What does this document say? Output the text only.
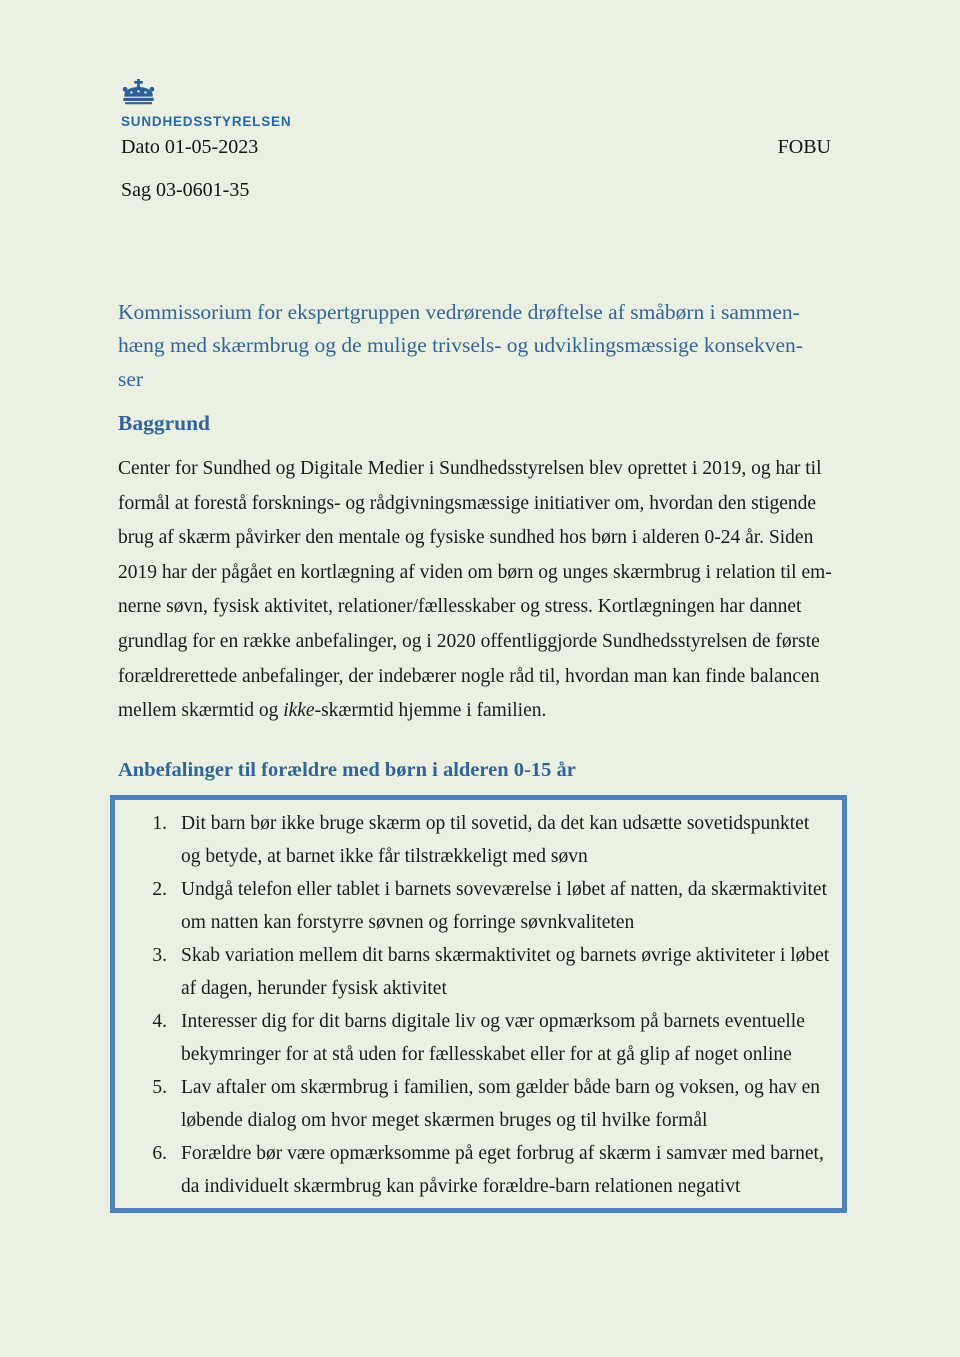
SUNDHEDSSTYRELSEN
Dato 01-05-2023	FOBU
Sag 03-0601-35
Kommissorium for ekspertgruppen vedrørende drøftelse af småbørn i sammen-
hæng med skærmbrug og de mulige trivsels- og udviklingsmæssige konsekven-
ser
Baggrund
Center for Sundhed og Digitale Medier i Sundhedsstyrelsen blev oprettet i 2019, og har til
formål at forestå forsknings- og rådgivningsmæssige initiativer om, hvordan den stigende
brug af skærm påvirker den mentale og fysiske sundhed hos børn i alderen 0-24 år. Siden
2019 har der pågået en kortlægning af viden om børn og unges skærmbrug i relation til em-
nerne søvn, fysisk aktivitet, relationer/fællesskaber og stress. Kortlægningen har dannet
grundlag for en række anbefalinger, og i 2020 offentliggjorde Sundhedsstyrelsen de første
forældrerettede anbefalinger, der indebærer nogle råd til, hvordan man kan finde balancen
mellem skærmtid og ikke-skærmtid hjemme i familien.
Anbefalinger til forældre med børn i alderen 0-15 år
1. Dit barn bør ikke bruge skærm op til sovetid, da det kan udsætte sovetidspunktet
og betyde, at barnet ikke får tilstrækkeligt med søvn
2. Undgå telefon eller tablet i barnets soveværelse i løbet af natten, da skærmaktivitet
om natten kan forstyrre søvnen og forringe søvnkvaliteten
3. Skab variation mellem dit barns skærmaktivitet og barnets øvrige aktiviteter i løbet
af dagen, herunder fysisk aktivitet
4. Interesser dig for dit barns digitale liv og vær opmærksom på barnets eventuelle
bekymringer for at stå uden for fællesskabet eller for at gå glip af noget online
5. Lav aftaler om skærmbrug i familien, som gælder både barn og voksen, og hav en
løbende dialog om hvor meget skærmen bruges og til hvilke formål
6. Forældre bør være opmærksomme på eget forbrug af skærm i samvær med barnet,
da individuelt skærmbrug kan påvirke forældre-barn relationen negativt
